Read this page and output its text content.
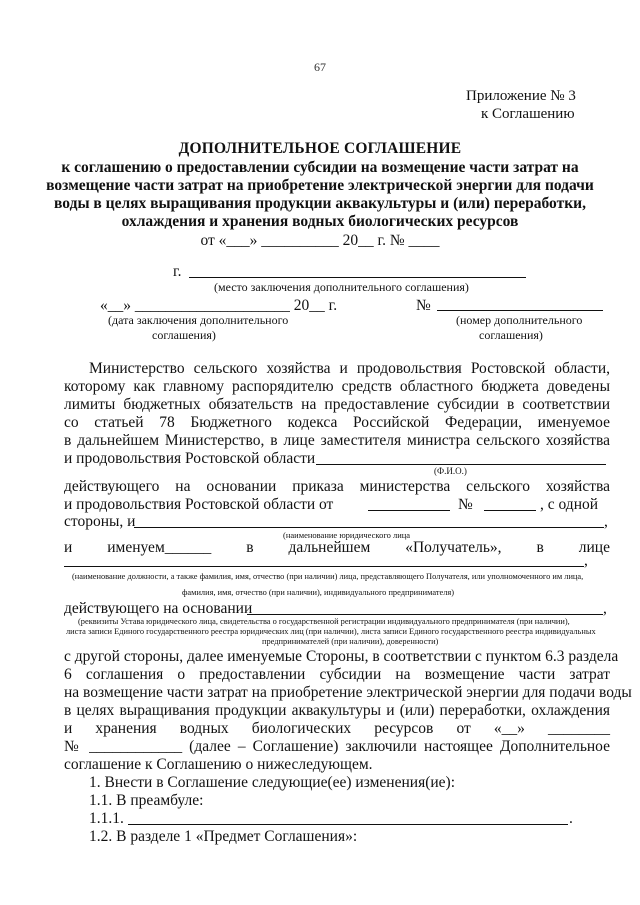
67
Приложение № 3
к Соглашению
ДОПОЛНИТЕЛЬНОЕ СОГЛАШЕНИЕ
к соглашению о предоставлении субсидии на возмещение части затрат на
возмещение части затрат на приобретение электрической энергии для подачи
воды в целях выращивания продукции аквакультуры и (или) переработки,
охлаждения и хранения водных биологических ресурсов
от «___» __________ 20__ г. № ____
г.
(место заключения дополнительного соглашения)
«__» ____________________ 20__ г.	№
(дата заключения дополнительного
соглашения)
(номер дополнительного
соглашения)
Министерство сельского хозяйства и продовольствия Ростовской области,
которому как главному распорядителю средств областного бюджета доведены
лимиты бюджетных обязательств на предоставление субсидии в соответствии
со статьей 78 Бюджетного кодекса Российской Федерации, именуемое
в дальнейшем Министерство, в лице заместителя министра сельского хозяйства
и продовольствия Ростовской области
(Ф.И.О.)
действующего на основании приказа министерства сельского хозяйства
и продовольствия Ростовской области от	№	, с одной
стороны, и	,
(наименование юридического лица
и именуем______ в дальнейшем «Получатель», в лице
,
(наименование должности, а также фамилия, имя, отчество (при наличии) лица, представляющего Получателя, или уполномоченного им лица,
фамилия, имя, отчество (при наличии), индивидуального предпринимателя)
действующего на основании	,
(реквизиты Устава юридического лица, свидетельства о государственной регистрации индивидуального предпринимателя (при наличии),
листа записи Единого государственного реестра юридических лиц (при наличии), листа записи Единого государственного реестра индивидуальных
предпринимателей (при наличии), доверенности)
с другой стороны, далее именуемые Стороны, в соответствии с пунктом 6.3 раздела
6 соглашения о предоставлении субсидии на возмещение части затрат
на возмещение части затрат на приобретение электрической энергии для подачи воды
в целях выращивания продукции аквакультуры и (или) переработки, охлаждения
и хранения водных биологических ресурсов от «__» ________
№ ____________ (далее – Соглашение) заключили настоящее Дополнительное
соглашение к Соглашению о нижеследующем.
1. Внести в Соглашение следующие(ее) изменения(ие):
1.1. В преамбуле:
1.1.1.	.
1.2. В разделе 1 «Предмет Соглашения»:
